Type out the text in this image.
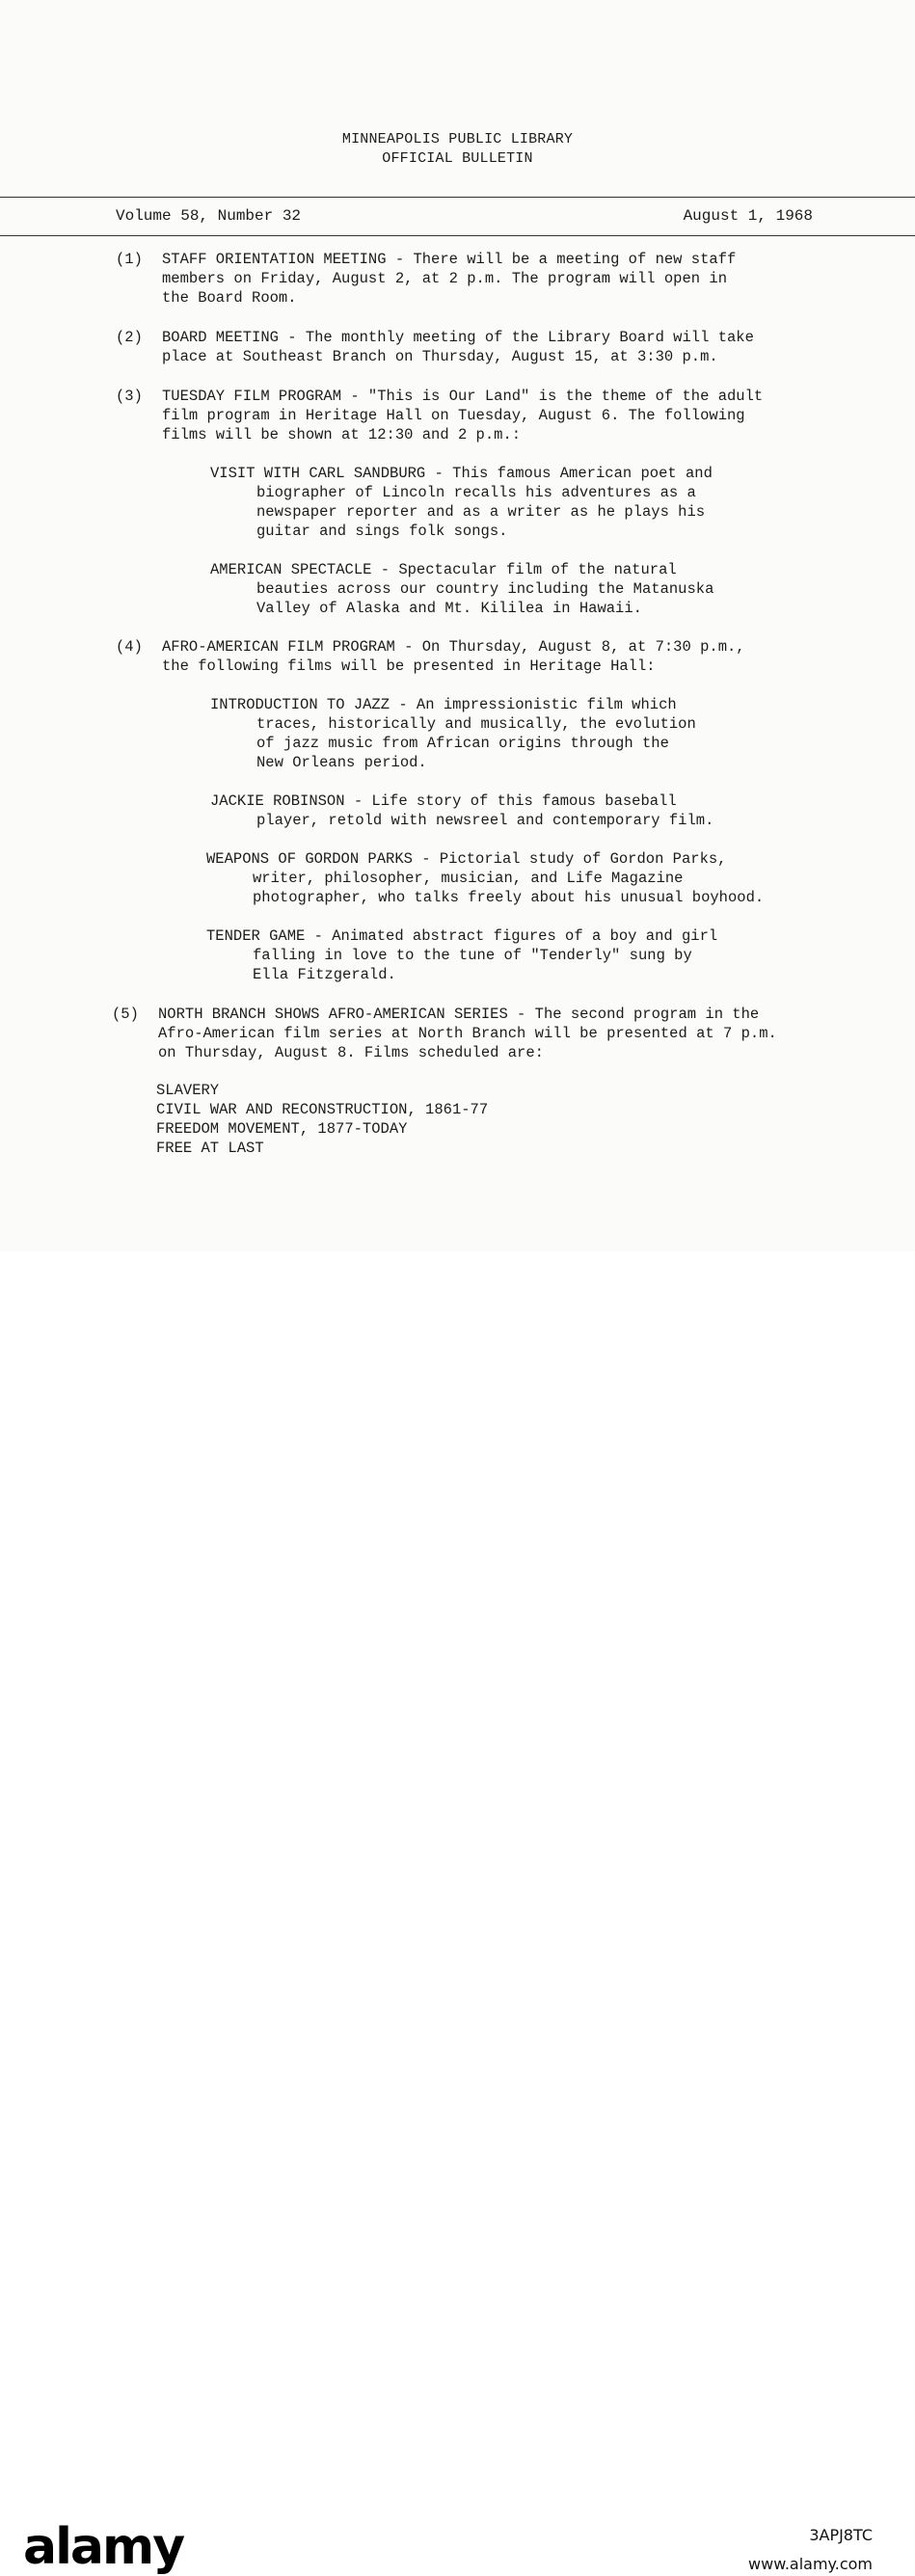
MINNEAPOLIS PUBLIC LIBRARY
OFFICIAL BULLETIN
Volume 58, Number 32	August 1, 1968
(1) STAFF ORIENTATION MEETING - There will be a meeting of new staff
members on Friday, August 2, at 2 p.m. The program will open in
the Board Room.
(2) BOARD MEETING - The monthly meeting of the Library Board will take
place at Southeast Branch on Thursday, August 15, at 3:30 p.m.
(3) TUESDAY FILM PROGRAM - "This is Our Land" is the theme of the adult
film program in Heritage Hall on Tuesday, August 6. The following
films will be shown at 12:30 and 2 p.m.:
VISIT WITH CARL SANDBURG - This famous American poet and
biographer of Lincoln recalls his adventures as a
newspaper reporter and as a writer as he plays his
guitar and sings folk songs.
AMERICAN SPECTACLE - Spectacular film of the natural
beauties across our country including the Matanuska
Valley of Alaska and Mt. Kililea in Hawaii.
(4) AFRO-AMERICAN FILM PROGRAM - On Thursday, August 8, at 7:30 p.m.,
the following films will be presented in Heritage Hall:
INTRODUCTION TO JAZZ - An impressionistic film which
traces, historically and musically, the evolution
of jazz music from African origins through the
New Orleans period.
JACKIE ROBINSON - Life story of this famous baseball
player, retold with newsreel and contemporary film.
WEAPONS OF GORDON PARKS - Pictorial study of Gordon Parks,
writer, philosopher, musician, and Life Magazine
photographer, who talks freely about his unusual boyhood.
TENDER GAME - Animated abstract figures of a boy and girl
falling in love to the tune of "Tenderly" sung by
Ella Fitzgerald.
(5) NORTH BRANCH SHOWS AFRO-AMERICAN SERIES - The second program in the
Afro-American film series at North Branch will be presented at 7 p.m.
on Thursday, August 8. Films scheduled are:
SLAVERY
CIVIL WAR AND RECONSTRUCTION, 1861-77
FREEDOM MOVEMENT, 1877-TODAY
FREE AT LAST
alamy	3APJ8TC
www.alamy.com
